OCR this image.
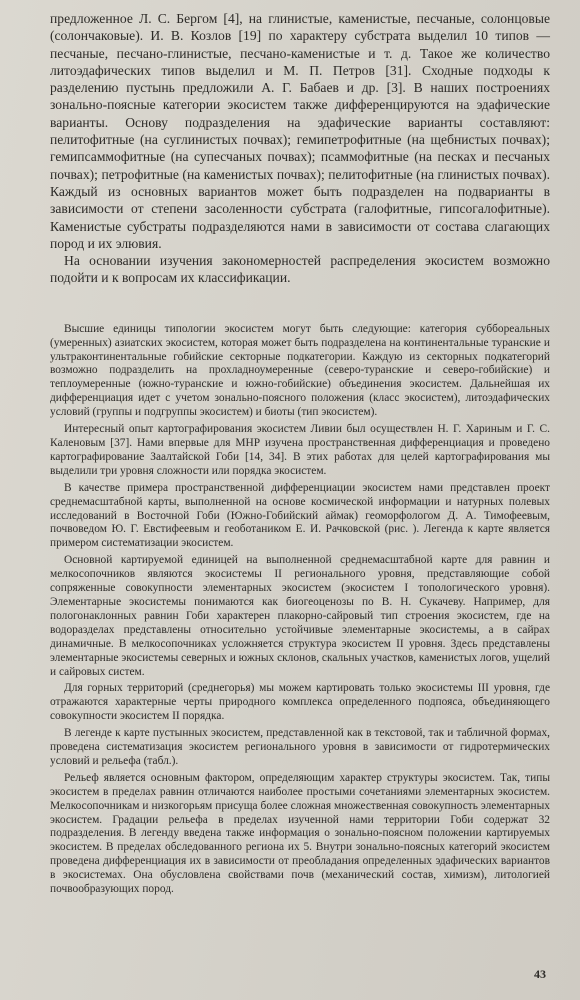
предложенное Л. С. Бергом [4], на глинистые, каменистые, песчаные, солонцовые (солончаковые). И. В. Козлов [19] по характеру субстрата выделил 10 типов — песчаные, песчано-глинистые, песчано-каменистые и т. д. Такое же количество литоэдафических типов выделил и М. П. Петров [31]. Сходные подходы к разделению пустынь предложили А. Г. Бабаев и др. [3]. В наших построениях зонально-поясные категории экосистем также дифференцируются на эдафические варианты. Основу подразделения на эдафические варианты составляют: пелитофитные (на суглинистых почвах); гемипетрофитные (на щебнистых почвах); гемипсаммофитные (на супесчаных почвах); псаммофитные (на песках и песчаных почвах); петрофитные (на каменистых почвах); пелитофитные (на глинистых почвах). Каждый из основных вариантов может быть подразделен на подварианты в зависимости от степени засоленности субстрата (галофитные, гипсогалофитные). Каменистые субстраты подразделяются нами в зависимости от состава слагающих пород и их элювия.

На основании изучения закономерностей распределения экосистем возможно подойти и к вопросам их классификации.

Высшие единицы типологии экосистем могут быть следующие: категория суббореальных (умеренных) азиатских экосистем, которая может быть подразделена на континентальные туранские и ультраконтинентальные гобийские секторные подкатегории. Каждую из секторных подкатегорий возможно подразделить на прохладноумеренные (северо-туранские и северо-гобийские) и теплоумеренные (южно-туранские и южно-гобийские) объединения экосистем. Дальнейшая их дифференциация идет с учетом зонально-поясного положения (класс экосистем), литоэдафических условий (группы и подгруппы экосистем) и биоты (тип экосистем).

Интересный опыт картографирования экосистем Ливии был осуществлен Н. Г. Хариным и Г. С. Каленовым [37]. Нами впервые для МНР изучена пространственная дифференциация и проведено картографирование Заалтайской Гоби [14, 34]. В этих работах для целей картографирования мы выделили три уровня сложности или порядка экосистем.

В качестве примера пространственной дифференциации экосистем нами представлен проект среднемасштабной карты, выполненной на основе космической информации и натурных полевых исследований в Восточной Гоби (Южно-Гобийский аймак) геоморфологом Д. А. Тимофеевым, почвоведом Ю. Г. Евстифеевым и геоботаником Е. И. Рачковской (рис. ). Легенда к карте является примером систематизации экосистем.

Основной картируемой единицей на выполненной среднемасштабной карте для равнин и мелкосопочников являются экосистемы II регионального уровня, представляющие собой сопряженные совокупности элементарных экосистем (экосистем I топологического уровня). Элементарные экосистемы понимаются как биогеоценозы по В. Н. Сукачеву. Например, для пологонаклонных равнин Гоби характерен плакорно-сайровый тип строения экосистем, где на водоразделах представлены относительно устойчивые элементарные экосистемы, а в сайрах динамичные. В мелкосопочниках усложняется структура экосистем II уровня. Здесь представлены элементарные экосистемы северных и южных склонов, скальных участков, каменистых логов, ущелий и сайровых систем.

Для горных территорий (среднегорья) мы можем картировать только экосистемы III уровня, где отражаются характерные черты природного комплекса определенного подпояса, объединяющего совокупности экосистем II порядка.

В легенде к карте пустынных экосистем, представленной как в текстовой, так и табличной формах, проведена систематизация экосистем регионального уровня в зависимости от гидротермических условий и рельефа (табл.).

Рельеф является основным фактором, определяющим характер структуры экосистем. Так, типы экосистем в пределах равнин отличаются наиболее простыми сочетаниями элементарных экосистем. Мелкосопочникам и низкогорьям присуща более сложная множественная совокупность элементарных экосистем. Градации рельефа в пределах изученной нами территории Гоби содержат 32 подразделения. В легенду введена также информация о зонально-поясном положении картируемых экосистем. В пределах обследованного региона их 5. Внутри зонально-поясных категорий экосистем проведена дифференциация их в зависимости от преобладания определенных эдафических вариантов в экосистемах. Она обусловлена свойствами почв (механический состав, химизм), литологией почвообразующих пород.

43
